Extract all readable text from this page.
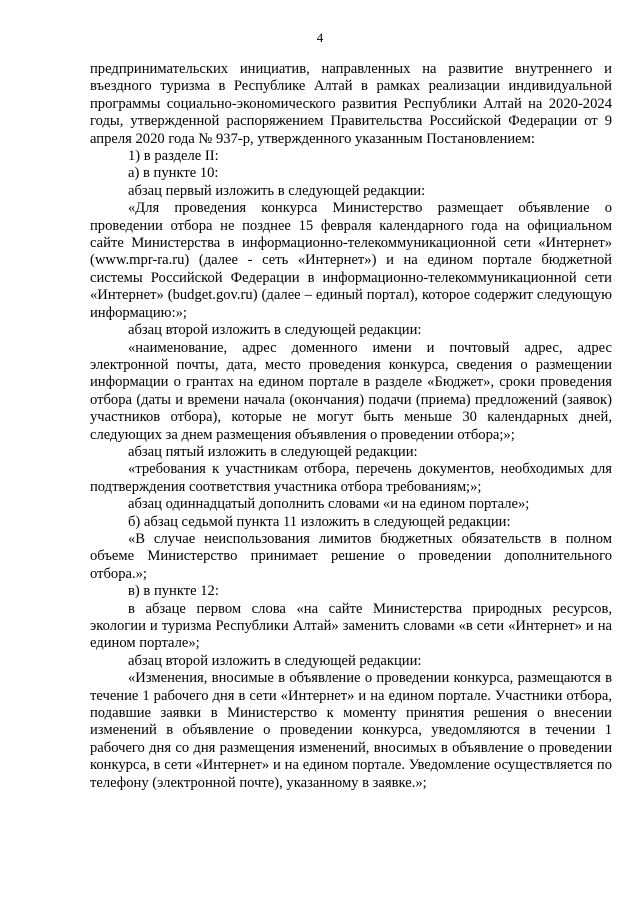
4

предпринимательских инициатив, направленных на развитие внутреннего и въездного туризма в Республике Алтай в рамках реализации индивидуальной программы социально-экономического развития Республики Алтай на 2020-2024 годы, утвержденной распоряжением Правительства Российской Федерации от 9 апреля 2020 года № 937-р, утвержденного указанным Постановлением:

1) в разделе II:

а) в пункте 10:

абзац первый изложить в следующей редакции:

«Для проведения конкурса Министерство размещает объявление о проведении отбора не позднее 15 февраля календарного года на официальном сайте Министерства в информационно-телекоммуникационной сети «Интернет» (www.mpr-ra.ru) (далее - сеть «Интернет») и на едином портале бюджетной системы Российской Федерации в информационно-телекоммуникационной сети «Интернет» (budget.gov.ru) (далее – единый портал), которое содержит следующую информацию:»;

абзац второй изложить в следующей редакции:

«наименование, адрес доменного имени и почтовый адрес, адрес электронной почты, дата, место проведения конкурса, сведения о размещении информации о грантах на едином портале в разделе «Бюджет», сроки проведения отбора (даты и времени начала (окончания) подачи (приема) предложений (заявок) участников отбора), которые не могут быть меньше 30 календарных дней, следующих за днем размещения объявления о проведении отбора;»;

абзац пятый изложить в следующей редакции:

«требования к участникам отбора, перечень документов, необходимых для подтверждения соответствия участника отбора требованиям;»;

абзац одиннадцатый дополнить словами «и на едином портале»;

б) абзац седьмой пункта 11 изложить в следующей редакции:

«В случае неиспользования лимитов бюджетных обязательств в полном объеме Министерство принимает решение о проведении дополнительного отбора.»;

в) в пункте 12:

в абзаце первом слова «на сайте Министерства природных ресурсов, экологии и туризма Республики Алтай» заменить словами «в сети «Интернет» и на едином портале»;

абзац второй изложить в следующей редакции:

«Изменения, вносимые в объявление о проведении конкурса, размещаются в течение 1 рабочего дня в сети «Интернет» и на едином портале. Участники отбора, подавшие заявки в Министерство к моменту принятия решения о внесении изменений в объявление о проведении конкурса, уведомляются в течении 1 рабочего дня со дня размещения изменений, вносимых в объявление о проведении конкурса, в сети «Интернет» и на едином портале. Уведомление осуществляется по телефону (электронной почте), указанному в заявке.»;
